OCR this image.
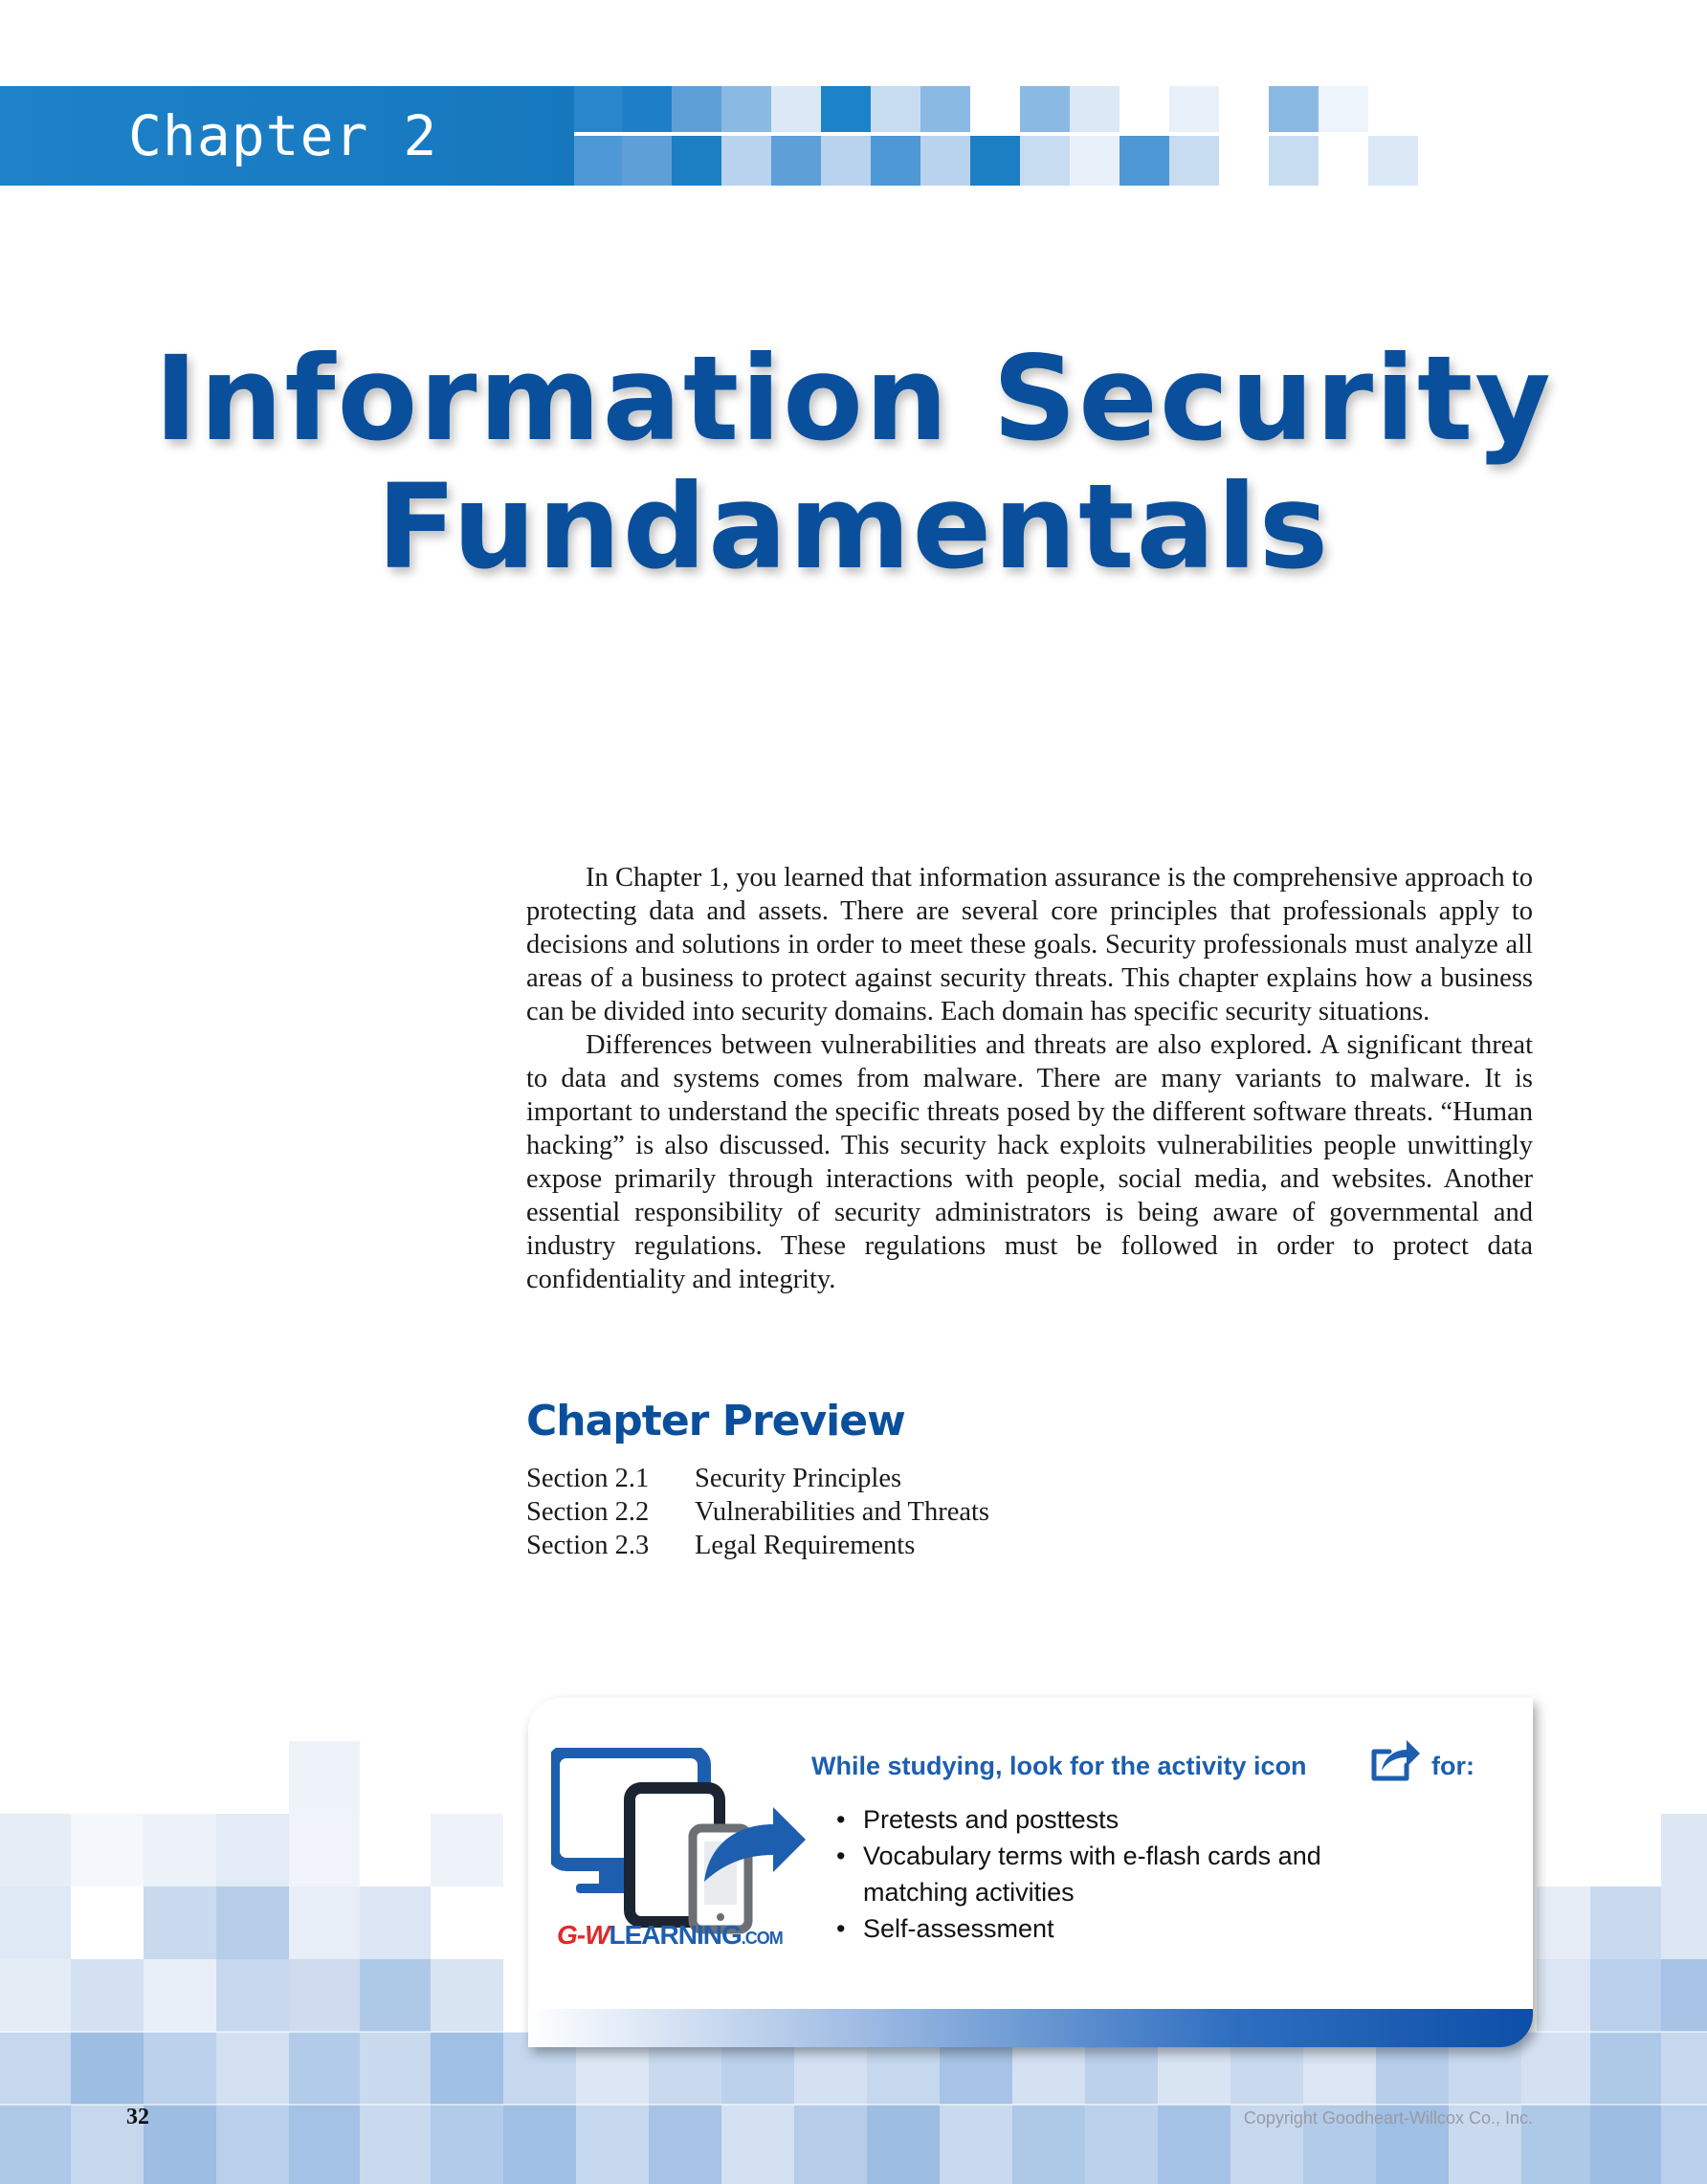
Chapter 2
Information Security
Fundamentals

In Chapter 1, you learned that information assurance is the comprehensive approach to protecting data and assets. There are several core principles that professionals apply to decisions and solutions in order to meet these goals. Security professionals must analyze all areas of a business to protect against security threats. This chapter explains how a business can be divided into security domains. Each domain has specific security situations.

Differences between vulnerabilities and threats are also explored. A significant threat to data and systems comes from malware. There are many variants to malware. It is important to understand the specific threats posed by the different software threats. “Human hacking” is also discussed. This security hack exploits vulnerabilities people unwittingly expose primarily through interactions with people, social media, and websites. Another essential responsibility of security administrators is being aware of governmental and industry regulations. These regulations must be followed in order to protect data confidentiality and integrity.

Chapter Preview
Section 2.1	Security Principles
Section 2.2	Vulnerabilities and Threats
Section 2.3	Legal Requirements
G-WLEARNING.COM
While studying, look for the activity icon	for:
• Pretests and posttests
• Vocabulary terms with e-flash cards and matching activities
• Self-assessment
32	Copyright Goodheart-Willcox Co., Inc.
